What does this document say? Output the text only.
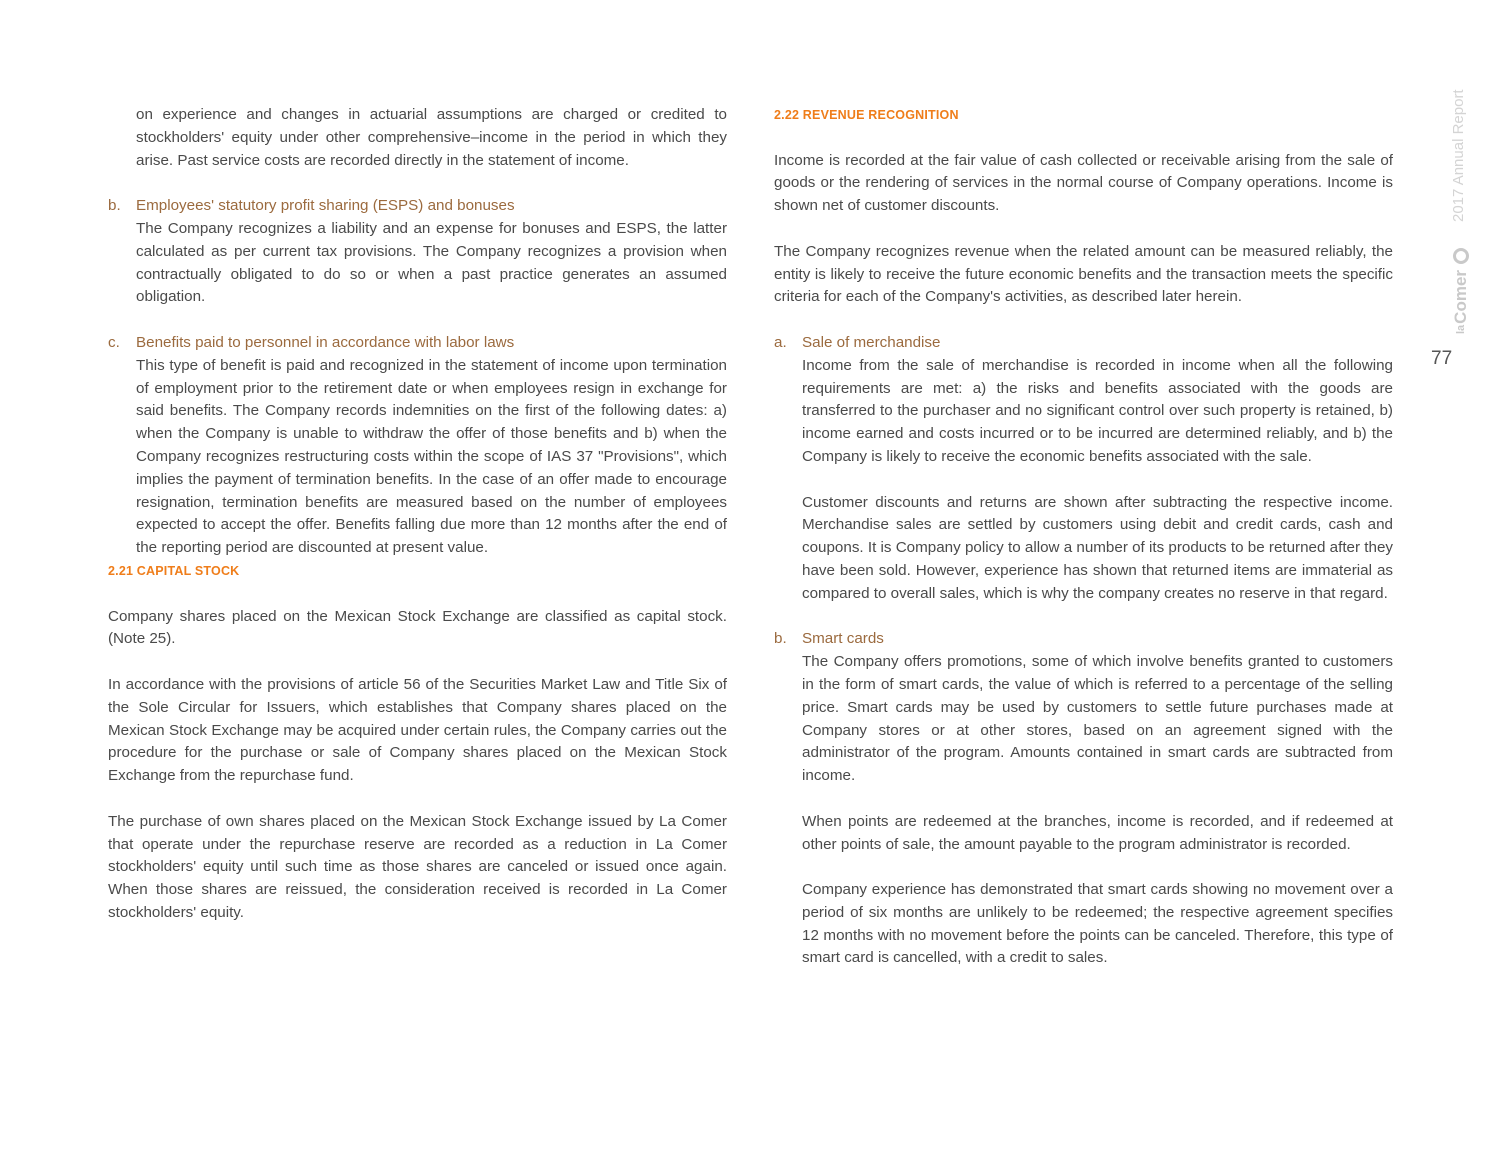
on experience and changes in actuarial assumptions are charged or credited to stockholders' equity under other comprehensive–income in the period in which they arise. Past service costs are recorded directly in the statement of income.

b. Employees' statutory profit sharing (ESPS) and bonuses

The Company recognizes a liability and an expense for bonuses and ESPS, the latter calculated as per current tax provisions. The Company recognizes a provision when contractually obligated to do so or when a past practice generates an assumed obligation.

c. Benefits paid to personnel in accordance with labor laws

This type of benefit is paid and recognized in the statement of income upon termination of employment prior to the retirement date or when employees resign in exchange for said benefits. The Company records indemnities on the first of the following dates: a) when the Company is unable to withdraw the offer of those benefits and b) when the Company recognizes restructuring costs within the scope of IAS 37 "Provisions", which implies the payment of termination benefits. In the case of an offer made to encourage resignation, termination benefits are measured based on the number of employees expected to accept the offer. Benefits falling due more than 12 months after the end of the reporting period are discounted at present value.

2.21 CAPITAL STOCK

Company shares placed on the Mexican Stock Exchange are classified as capital stock. (Note 25).

In accordance with the provisions of article 56 of the Securities Market Law and Title Six of the Sole Circular for Issuers, which establishes that Company shares placed on the Mexican Stock Exchange may be acquired under certain rules, the Company carries out the procedure for the purchase or sale of Company shares placed on the Mexican Stock Exchange from the repurchase fund.

The purchase of own shares placed on the Mexican Stock Exchange issued by La Comer that operate under the repurchase reserve are recorded as a reduction in La Comer stockholders' equity until such time as those shares are canceled or issued once again. When those shares are reissued, the consideration received is recorded in La Comer stockholders' equity.

2.22 REVENUE RECOGNITION

Income is recorded at the fair value of cash collected or receivable arising from the sale of goods or the rendering of services in the normal course of Company operations. Income is shown net of customer discounts.

The Company recognizes revenue when the related amount can be measured reliably, the entity is likely to receive the future economic benefits and the transaction meets the specific criteria for each of the Company's activities, as described later herein.

a. Sale of merchandise

Income from the sale of merchandise is recorded in income when all the following requirements are met: a) the risks and benefits associated with the goods are transferred to the purchaser and no significant control over such property is retained, b) income earned and costs incurred or to be incurred are determined reliably, and b) the Company is likely to receive the economic benefits associated with the sale.

Customer discounts and returns are shown after subtracting the respective income. Merchandise sales are settled by customers using debit and credit cards, cash and coupons. It is Company policy to allow a number of its products to be returned after they have been sold. However, experience has shown that returned items are immaterial as compared to overall sales, which is why the company creates no reserve in that regard.

b. Smart cards

The Company offers promotions, some of which involve benefits granted to customers in the form of smart cards, the value of which is referred to a percentage of the selling price. Smart cards may be used by customers to settle future purchases made at Company stores or at other stores, based on an agreement signed with the administrator of the program. Amounts contained in smart cards are subtracted from income.

When points are redeemed at the branches, income is recorded, and if redeemed at other points of sale, the amount payable to the program administrator is recorded.

Company experience has demonstrated that smart cards showing no movement over a period of six months are unlikely to be redeemed; the respective agreement specifies 12 months with no movement before the points can be canceled. Therefore, this type of smart card is cancelled, with a credit to sales.

2017 Annual Report
la
Comer
77
